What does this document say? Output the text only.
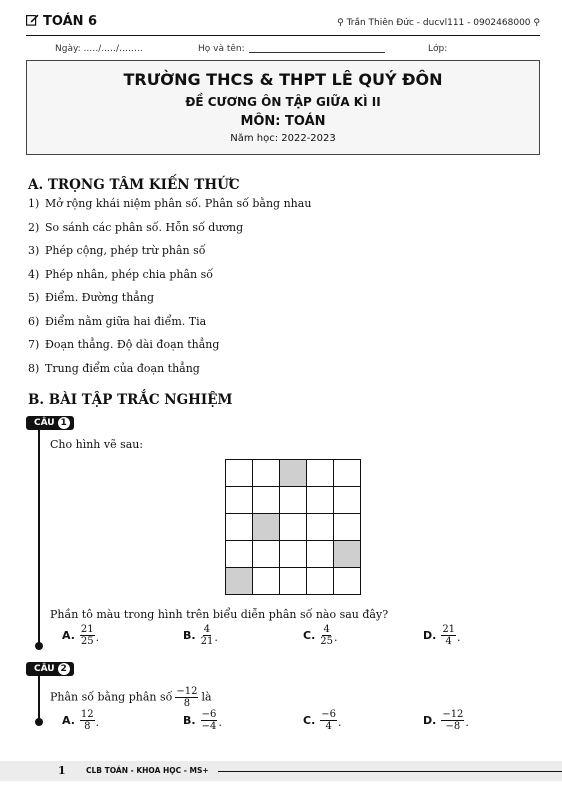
TOÁN 6	⚲ Trần Thiên Đức - ducvl111 - 0902468000 ⚲
Ngày: ..…/..…/……..	Họ và tên:	Lớp:
TRƯỜNG THCS & THPT LÊ QUÝ ĐÔN
ĐỀ CƯƠNG ÔN TẬP GIỮA KÌ II
MÔN: TOÁN
Năm học: 2022-2023
A. TRỌNG TÂM KIẾN THỨC
1) Mở rộng khái niệm phân số. Phân số bằng nhau
2) So sánh các phân số. Hỗn số dương
3) Phép cộng, phép trừ phân số
4) Phép nhân, phép chia phân số
5) Điểm. Đường thẳng
6) Điểm nằm giữa hai điểm. Tia
7) Đoạn thẳng. Độ dài đoạn thẳng
8) Trung điểm của đoạn thẳng
B. BÀI TẬP TRẮC NGHIỆM
CÂU 1
Cho hình vẽ sau:

Phần tô màu trong hình trên biểu diễn phân số nào sau đây?
A. $\frac{21}{25}$ .	B. $\frac{4}{21}$ .	C. $\frac{4}{25}$ .	D. $\frac{21}{4}$ .
CÂU 2
Phân số bằng phân số $\frac{-12}{8}$ là
A. $\frac{12}{8}$ .	B. $\frac{-6}{-4}$ .	C. $\frac{-6}{4}$ .	D. $\frac{-12}{-8}$ .
1	CLB TOÁN - KHOA HỌC - MS+
